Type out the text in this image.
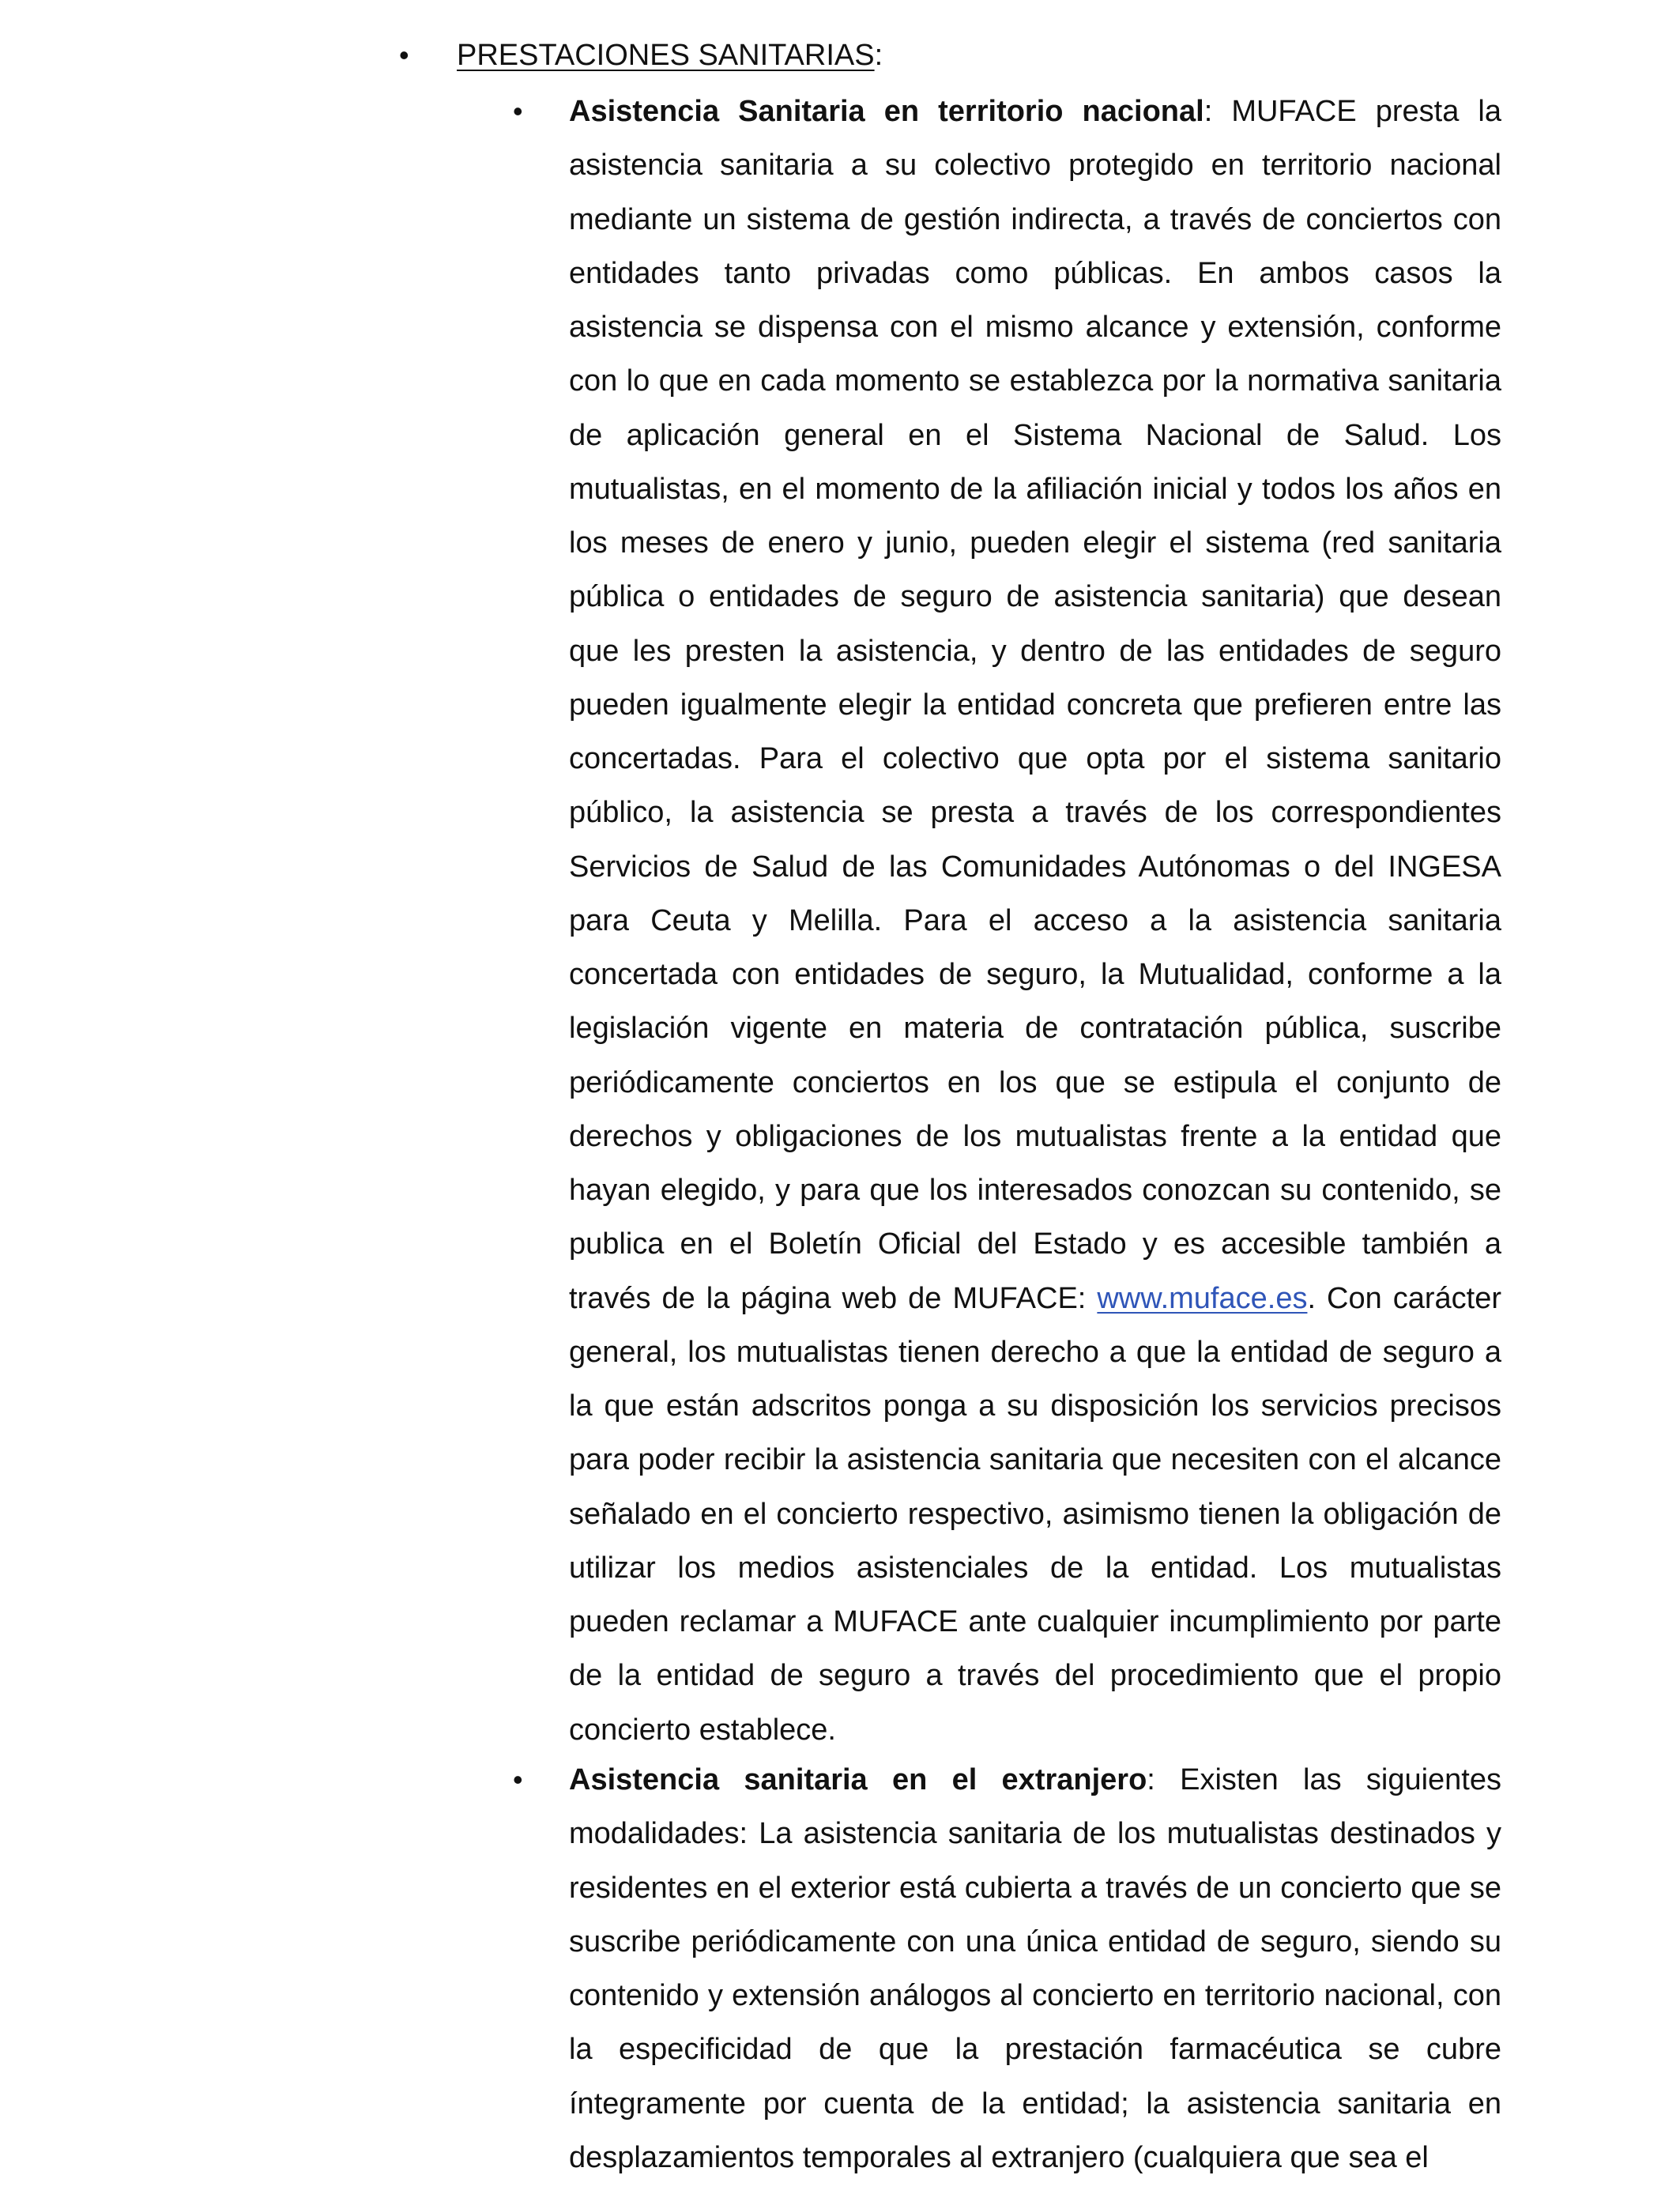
• PRESTACIONES SANITARIAS:
• Asistencia Sanitaria en territorio nacional: MUFACE presta la asistencia sanitaria a su colectivo protegido en territorio nacional mediante un sistema de gestión indirecta, a través de conciertos con entidades tanto privadas como públicas. En ambos casos la asistencia se dispensa con el mismo alcance y extensión, conforme con lo que en cada momento se establezca por la normativa sanitaria de aplicación general en el Sistema Nacional de Salud. Los mutualistas, en el momento de la afiliación inicial y todos los años en los meses de enero y junio, pueden elegir el sistema (red sanitaria pública o entidades de seguro de asistencia sanitaria) que desean que les presten la asistencia, y dentro de las entidades de seguro pueden igualmente elegir la entidad concreta que prefieren entre las concertadas. Para el colectivo que opta por el sistema sanitario público, la asistencia se presta a través de los correspondientes Servicios de Salud de las Comunidades Autónomas o del INGESA para Ceuta y Melilla. Para el acceso a la asistencia sanitaria concertada con entidades de seguro, la Mutualidad, conforme a la legislación vigente en materia de contratación pública, suscribe periódicamente conciertos en los que se estipula el conjunto de derechos y obligaciones de los mutualistas frente a la entidad que hayan elegido, y para que los interesados conozcan su contenido, se publica en el Boletín Oficial del Estado y es accesible también a través de la página web de MUFACE: www.muface.es. Con carácter general, los mutualistas tienen derecho a que la entidad de seguro a la que están adscritos ponga a su disposición los servicios precisos para poder recibir la asistencia sanitaria que necesiten con el alcance señalado en el concierto respectivo, asimismo tienen la obligación de utilizar los medios asistenciales de la entidad. Los mutualistas pueden reclamar a MUFACE ante cualquier incumplimiento por parte de la entidad de seguro a través del procedimiento que el propio concierto establece.

• Asistencia sanitaria en el extranjero: Existen las siguientes modalidades: La asistencia sanitaria de los mutualistas destinados y residentes en el exterior está cubierta a través de un concierto que se suscribe periódicamente con una única entidad de seguro, siendo su contenido y extensión análogos al concierto en territorio nacional, con la especificidad de que la prestación farmacéutica se cubre íntegramente por cuenta de la entidad; la asistencia sanitaria en desplazamientos temporales al extranjero (cualquiera que sea el
